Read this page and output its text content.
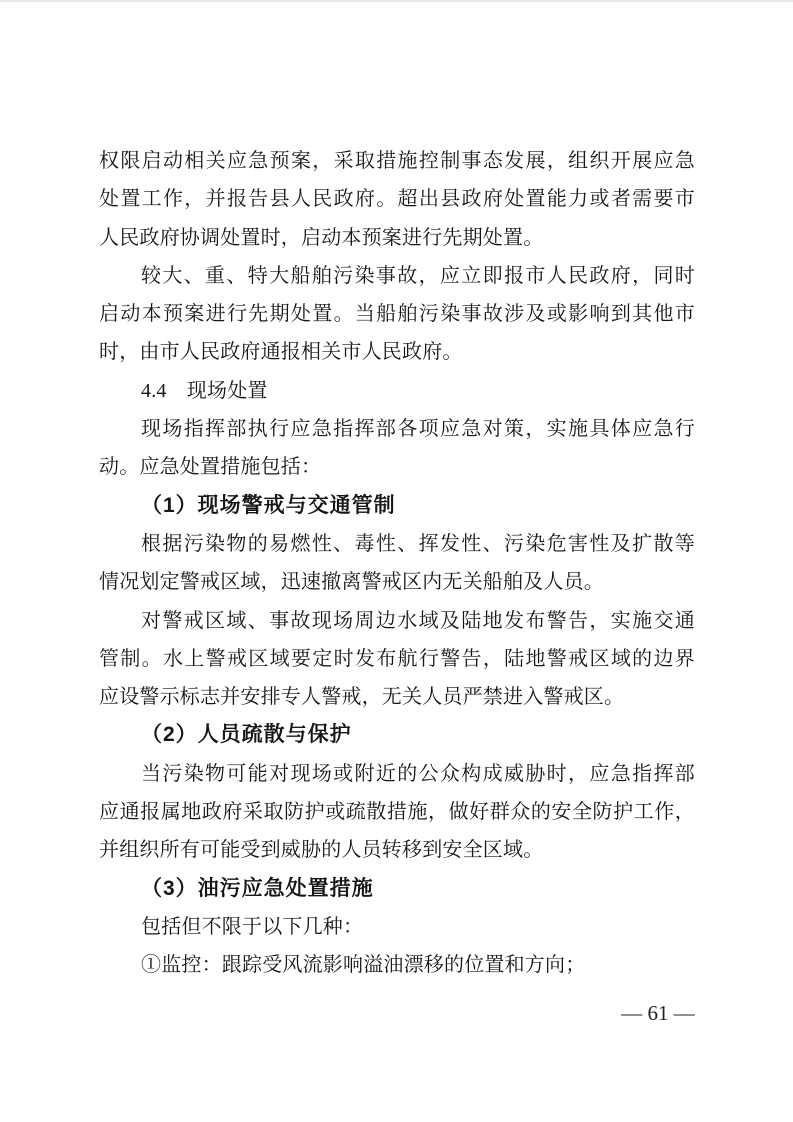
权限启动相关应急预案，采取措施控制事态发展，组织开展应急
处置工作，并报告县人民政府。超出县政府处置能力或者需要市
人民政府协调处置时，启动本预案进行先期处置。
较大、重、特大船舶污染事故，应立即报市人民政府，同时
启动本预案进行先期处置。当船舶污染事故涉及或影响到其他市
时，由市人民政府通报相关市人民政府。
4.4　现场处置
现场指挥部执行应急指挥部各项应急对策，实施具体应急行
动。应急处置措施包括：
（1）现场警戒与交通管制
根据污染物的易燃性、毒性、挥发性、污染危害性及扩散等
情况划定警戒区域，迅速撤离警戒区内无关船舶及人员。
对警戒区域、事故现场周边水域及陆地发布警告，实施交通
管制。水上警戒区域要定时发布航行警告，陆地警戒区域的边界
应设警示标志并安排专人警戒，无关人员严禁进入警戒区。
（2）人员疏散与保护
当污染物可能对现场或附近的公众构成威胁时，应急指挥部
应通报属地政府采取防护或疏散措施，做好群众的安全防护工作，
并组织所有可能受到威胁的人员转移到安全区域。
（3）油污应急处置措施
包括但不限于以下几种：
①监控：跟踪受风流影响溢油漂移的位置和方向；
— 61 —
